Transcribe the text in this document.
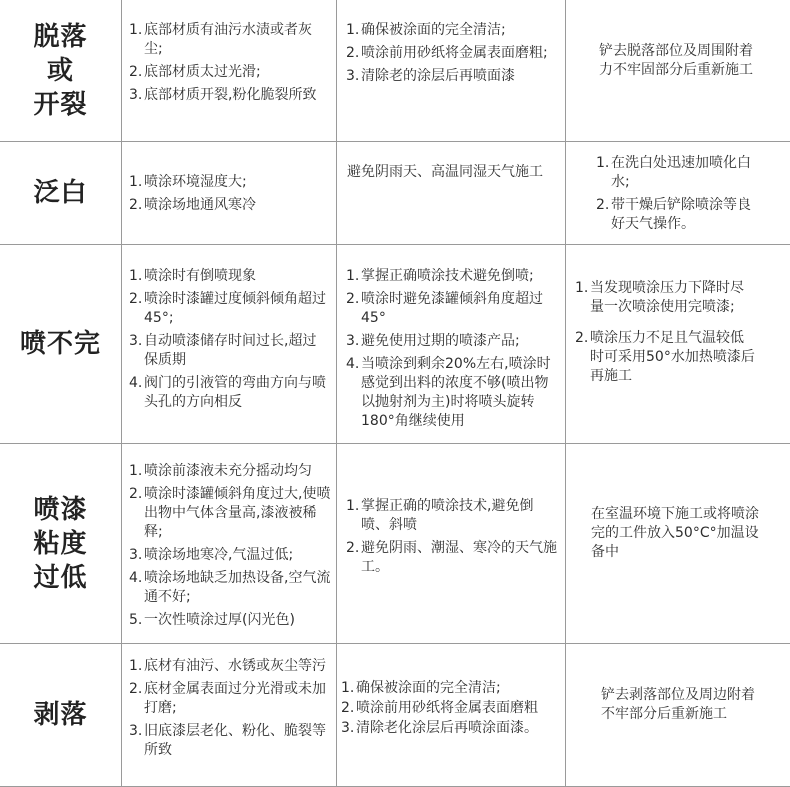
脱落
或
开裂
1. 底部材质有油污水渍或者灰尘;
2. 底部材质太过光滑;
3. 底部材质开裂,粉化脆裂所致
1. 确保被涂面的完全清洁;
2. 喷涂前用砂纸将金属表面磨粗;
3. 清除老的涂层后再喷面漆
铲去脱落部位及周围附着力不牢固部分后重新施工
泛白	1. 喷涂环境湿度大;
2. 喷涂场地通风寒冷
避免阴雨天、高温同湿天气施工
1. 在洗白处迅速加喷化白水;
2. 带干燥后铲除喷涂等良好天气操作。
喷不完
1. 喷涂时有倒喷现象
2. 喷涂时漆罐过度倾斜倾角超过45°;
3. 自动喷漆储存时间过长,超过保质期
4. 阀门的引液管的弯曲方向与喷头孔的方向相反
1. 掌握正确喷涂技术避免倒喷;
2. 喷涂时避免漆罐倾斜角度超过45°
3. 避免使用过期的喷漆产品;
4. 当喷涂到剩余20%左右,喷涂时感觉到出料的浓度不够(喷出物以抛射剂为主)时将喷头旋转180°角继续使用
1. 当发现喷涂压力下降时尽量一次喷涂使用完喷漆;
2. 喷涂压力不足且气温较低时可采用50°水加热喷漆后再施工
喷漆
粘度
过低
1. 喷涂前漆液未充分摇动均匀
2. 喷涂时漆罐倾斜角度过大,使喷出物中气体含量高,漆液被稀释;
3. 喷涂场地寒冷,气温过低;
4. 喷涂场地缺乏加热设备,空气流通不好;
5. 一次性喷涂过厚(闪光色)
1. 掌握正确的喷涂技术,避免倒喷、斜喷
2. 避免阴雨、潮湿、寒冷的天气施工。
在室温环境下施工或将喷涂完的工件放入50°C°加温设备中
剥落
1. 底材有油污、水锈或灰尘等污
2. 底材金属表面过分光滑或未加打磨;
3. 旧底漆层老化、粉化、脆裂等所致
1. 确保被涂面的完全清洁;
2. 喷涂前用砂纸将金属表面磨粗
3. 清除老化涂层后再喷涂面漆。
铲去剥落部位及周边附着不牢部分后重新施工
